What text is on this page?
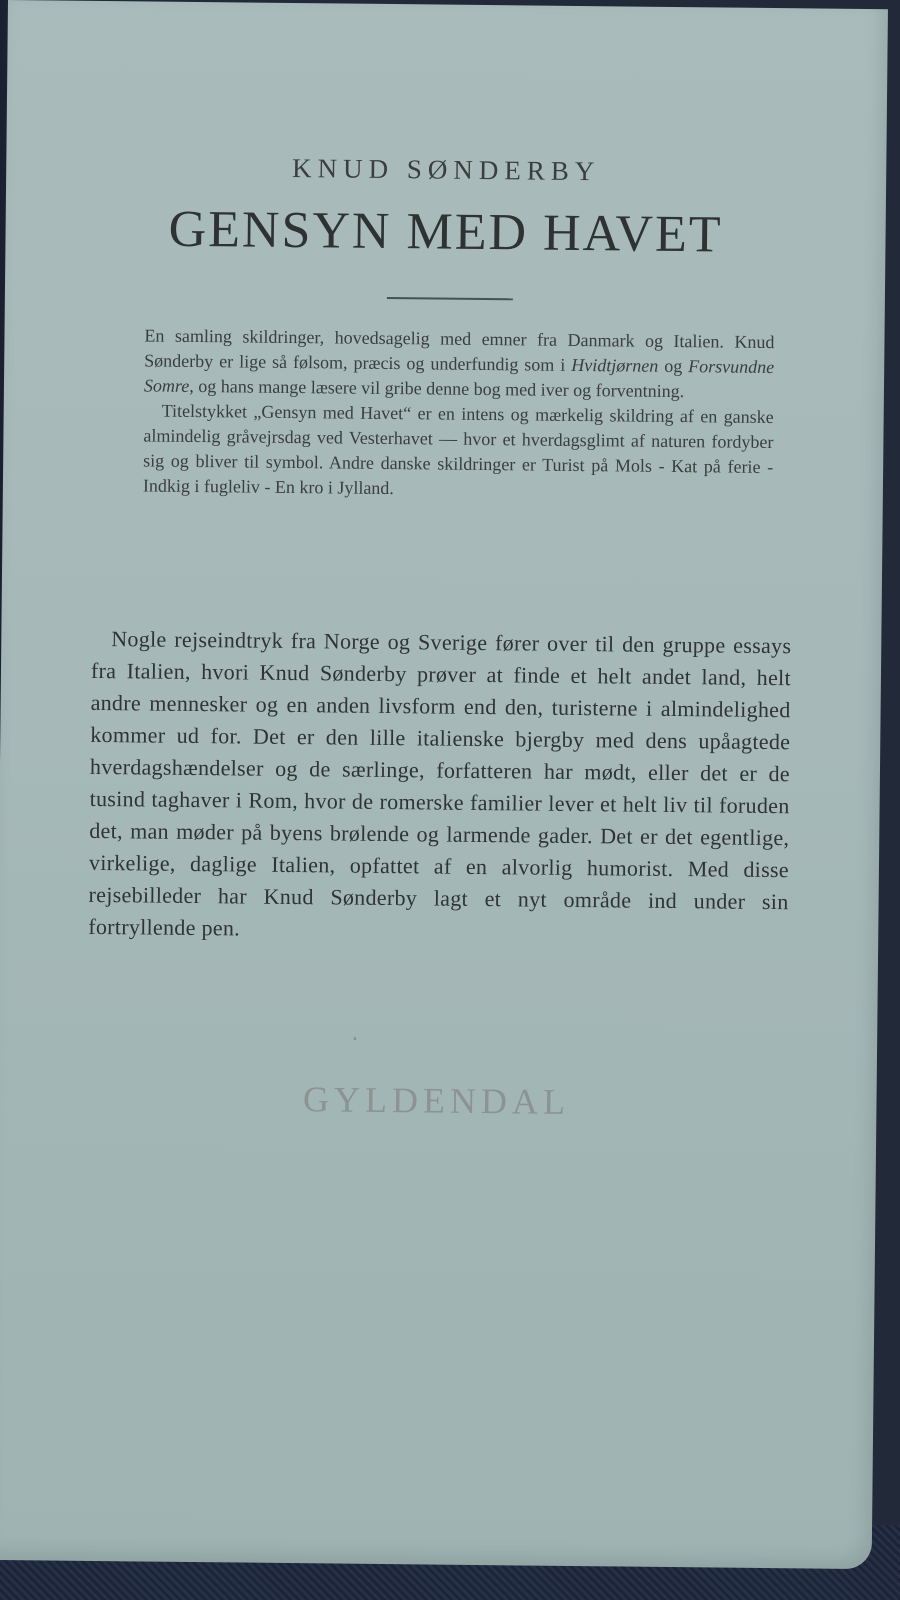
KNUD SØNDERBY
GENSYN MED HAVET

En samling skildringer, hovedsagelig med emner fra Danmark og Italien. Knud Sønderby er lige så følsom, præcis og underfundig som i Hvidtjørnen og Forsvundne Somre, og hans mange læsere vil gribe denne bog med iver og forventning.

Titelstykket „Gensyn med Havet“ er en intens og mærkelig skildring af en ganske almindelig gråvejrsdag ved Vesterhavet — hvor et hverdagsglimt af naturen fordyber sig og bliver til symbol. Andre danske skildringer er Turist på Mols - Kat på ferie - Indkig i fugleliv - En kro i Jylland.

Nogle rejseindtryk fra Norge og Sverige fører over til den gruppe essays fra Italien, hvori Knud Sønderby prøver at finde et helt andet land, helt andre mennesker og en anden livsform end den, turisterne i almindelighed kommer ud for. Det er den lille italienske bjergby med dens upåagtede hverdagshændelser og de særlinge, forfatteren har mødt, eller det er de tusind taghaver i Rom, hvor de romerske familier lever et helt liv til foruden det, man møder på byens brølende og larmende gader. Det er det egentlige, virkelige, daglige Italien, opfattet af en alvorlig humorist. Med disse rejsebilleder har Knud Sønderby lagt et nyt område ind under sin fortryllende pen.

◦
GYLDENDAL
